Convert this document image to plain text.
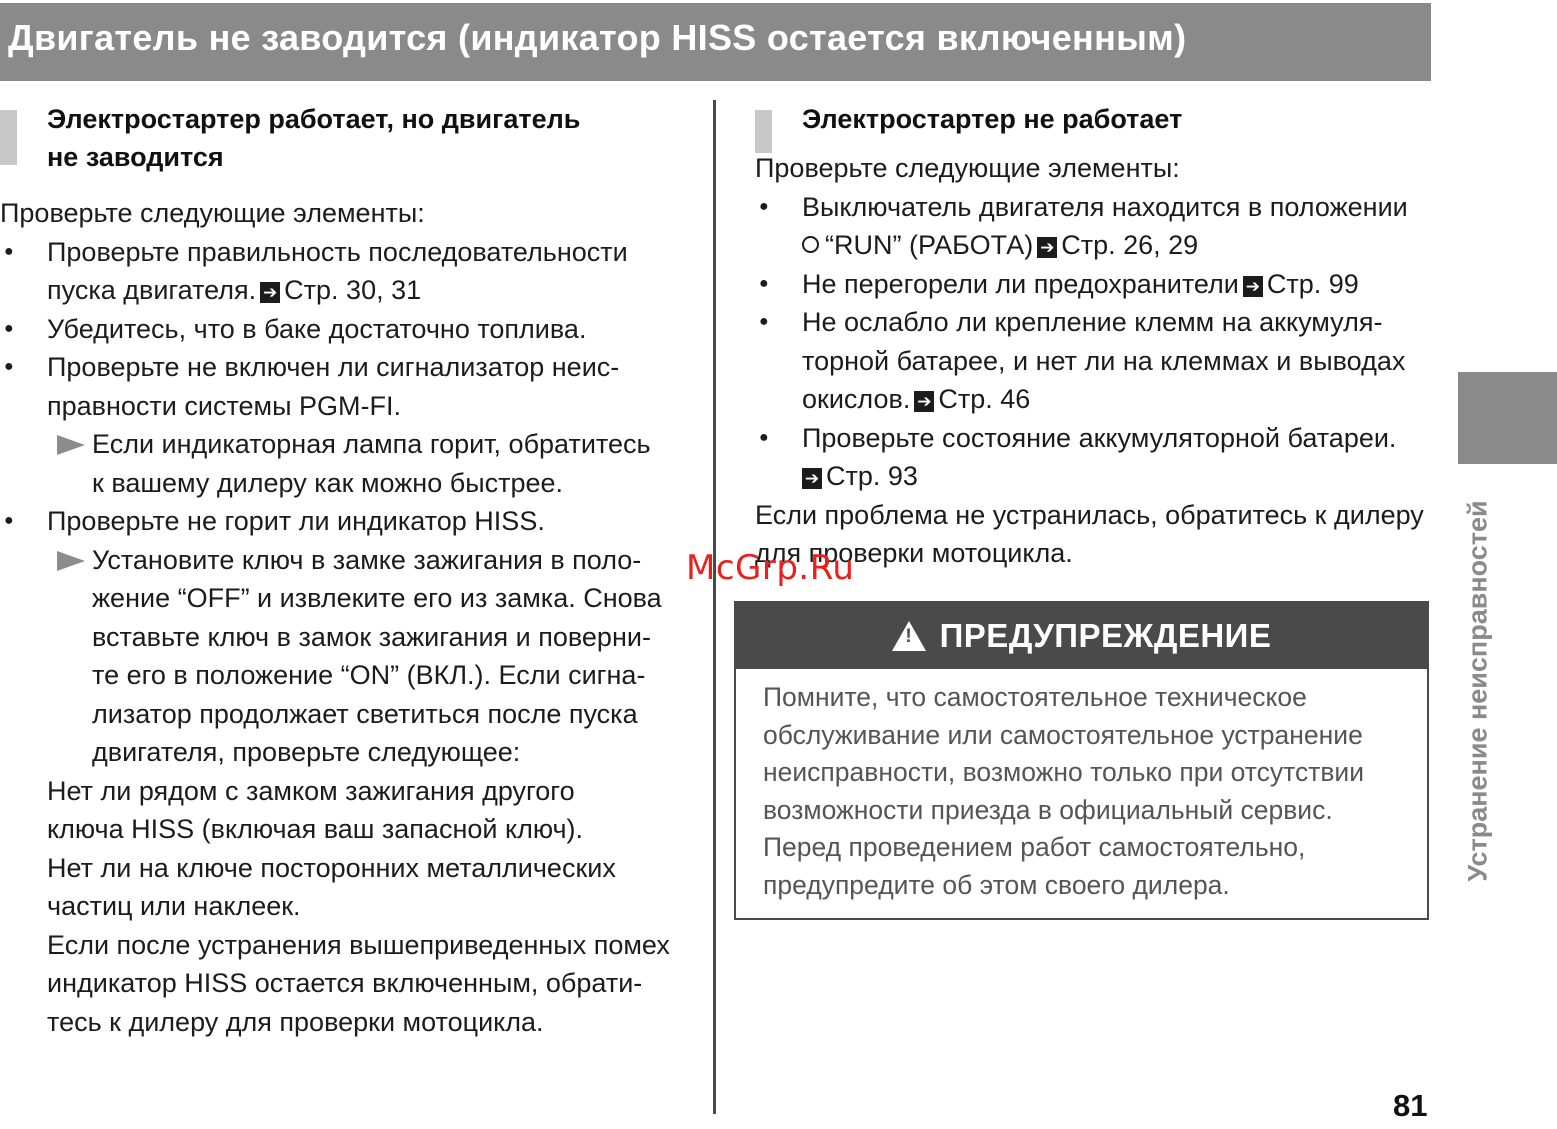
Двигатель не заводится (индикатор HISS остается включенным)
Электростартер работает, но двигатель
не заводится

Проверьте следующие элементы:

● Проверьте правильность последовательности

пуска двигателя. ➔ Стр. 30, 31

● Убедитесь, что в баке достаточно топлива.

● Проверьте не включен ли сигнализатор неис-

правности системы PGM-FI.

Если индикаторная лампа горит, обратитесь

к вашему дилеру как можно быстрее.

● Проверьте не горит ли индикатор HISS.

Установите ключ в замке зажигания в поло-

жение “OFF” и извлеките его из замка. Снова

вставьте ключ в замок зажигания и поверни-

те его в положение “ON” (ВКЛ.). Если сигна-

лизатор продолжает светиться после пуска

двигателя, проверьте следующее:

Нет ли рядом с замком зажигания другого

ключа HISS (включая ваш запасной ключ).

Нет ли на ключе посторонних металлических

частиц или наклеек.

Если после устранения вышеприведенных помех

индикатор HISS остается включенным, обрати-

тесь к дилеру для проверки мотоцикла.

Электростартер не работает

Проверьте следующие элементы:

● Выключатель двигателя находится в положении

“RUN” (РАБОТА) ➔ Стр. 26, 29

● Не перегорели ли предохранители ➔ Стр. 99

● Не ослабло ли крепление клемм на аккумуля-

торной батарее, и нет ли на клеммах и выводах

окислов. ➔ Стр. 46

● Проверьте состояние аккумуляторной батареи.

➔ Стр. 93

Если проблема не устранилась, обратитесь к дилеру

для проверки мотоцикла.

! ПРЕДУПРЕЖДЕНИЕ

Помните, что самостоятельное техническое

обслуживание или самостоятельное устранение

неисправности, возможно только при отсутствии

возможности приезда в официальный сервис.

Перед проведением работ самостоятельно,

предупредите об этом своего дилера.

Устранение неисправностей
McGrp.Ru
81
